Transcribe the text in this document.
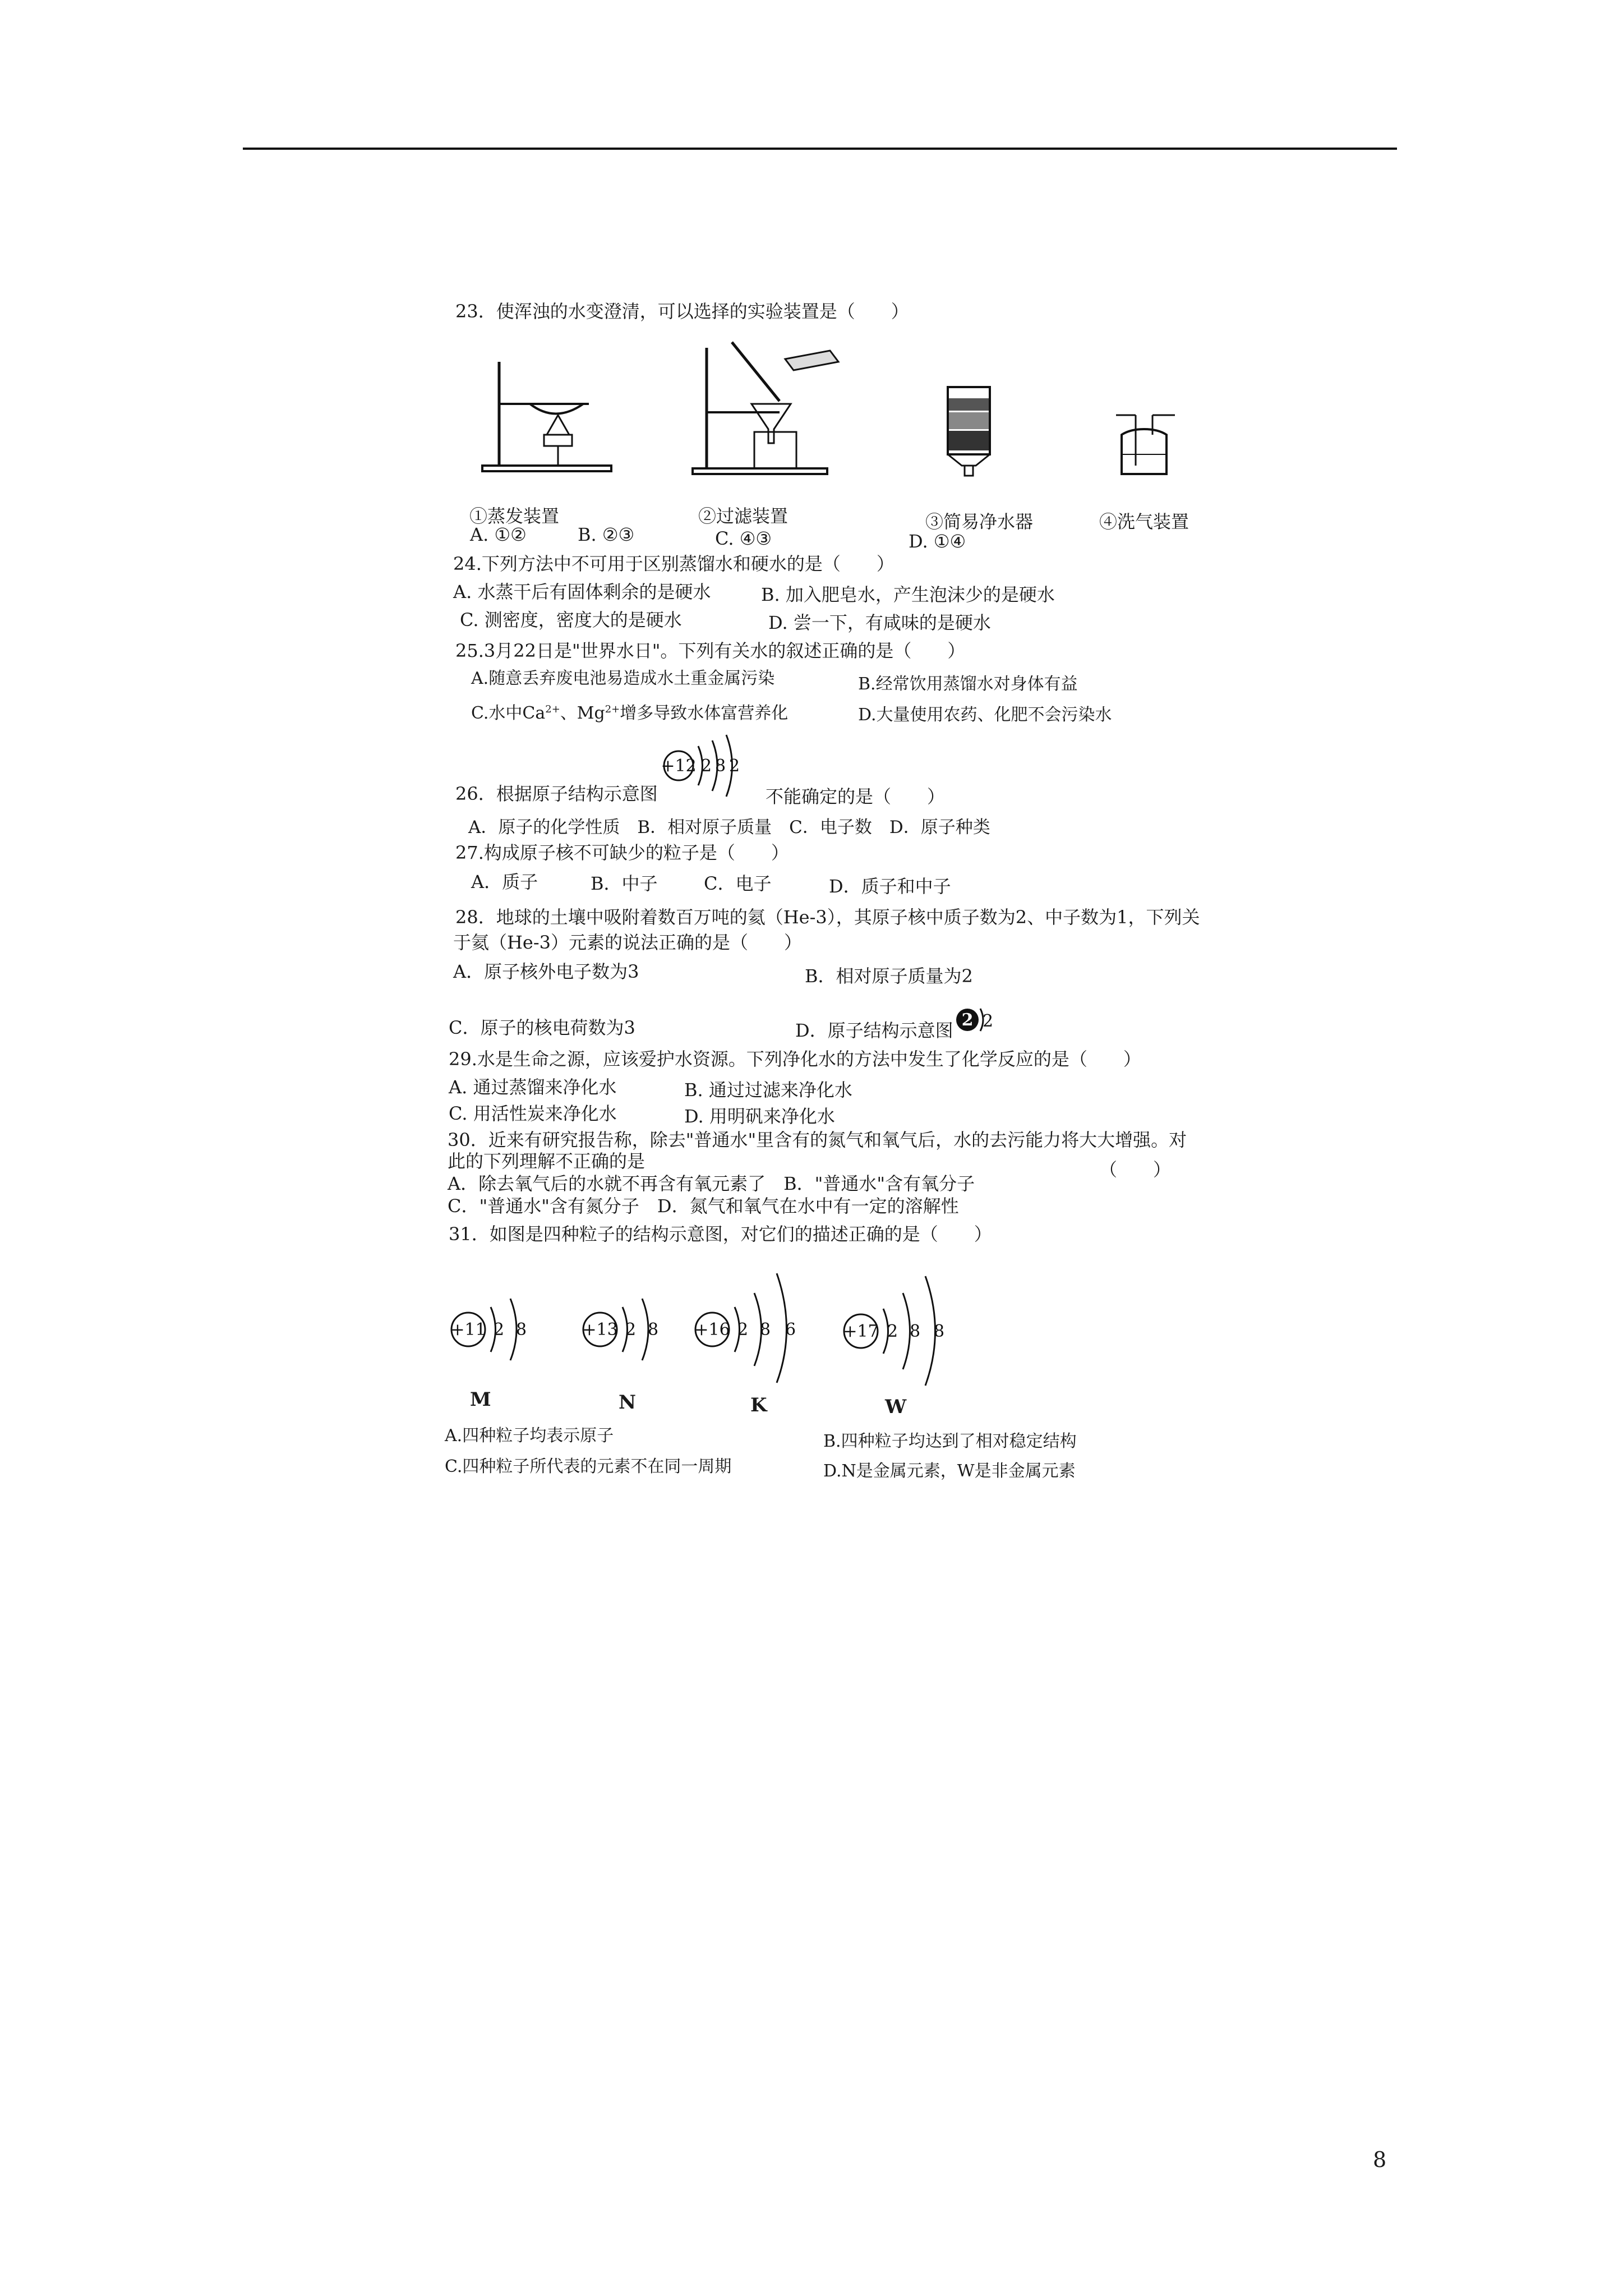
23．使浑浊的水变澄清，可以选择的实验装置是（　　）
①蒸发装置	②过滤装置	③简易净水器	④洗气装置
A. ①②	B. ②③	C. ④③	D. ①④
24.下列方法中不可用于区别蒸馏水和硬水的是（　　）
A. 水蒸干后有固体剩余的是硬水	B. 加入肥皂水，产生泡沫少的是硬水
C. 测密度，密度大的是硬水	D. 尝一下，有咸味的是硬水
25.3月22日是"世界水日"。下列有关水的叙述正确的是（　　）
A.随意丢弃废电池易造成水土重金属污染	B.经常饮用蒸馏水对身体有益
C.水中$Ca^{2+}$、$Mg^{2+}$增多导致水体富营养化	D.大量使用农药、化肥不会污染水
+12 2 8 2
26．根据原子结构示意图	不能确定的是（　　）
A．原子的化学性质　B．相对原子质量　C．电子数　D．原子种类
27.构成原子核不可缺少的粒子是（　　）
A．质子	B．中子	C．电子	D．质子和中子
28．地球的土壤中吸附着数百万吨的氦（He-3），其原子核中质子数为2、中子数为1，下列关
于氦（He-3）元素的说法正确的是（　　）
A．原子核外电子数为3	B．相对原子质量为2
C．原子的核电荷数为3	D．原子结构示意图 2 2
29.水是生命之源，应该爱护水资源。下列净化水的方法中发生了化学反应的是（　　）
A. 通过蒸馏来净化水	B. 通过过滤来净化水
C. 用活性炭来净化水	D. 用明矾来净化水
30．近来有研究报告称，除去"普通水"里含有的氮气和氧气后，水的去污能力将大大增强。对
此的下列理解不正确的是	（　　）
A．除去氧气后的水就不再含有氧元素了　B．"普通水"含有氧分子
C．"普通水"含有氮分子　D．氮气和氧气在水中有一定的溶解性
31．如图是四种粒子的结构示意图，对它们的描述正确的是（　　）
+11 2 8
M
+13 2 8
N
+16 2 8 6
K
+17 2 8 8
W
A.四种粒子均表示原子	B.四种粒子均达到了相对稳定结构
C.四种粒子所代表的元素不在同一周期	D.N是金属元素，W是非金属元素
8
